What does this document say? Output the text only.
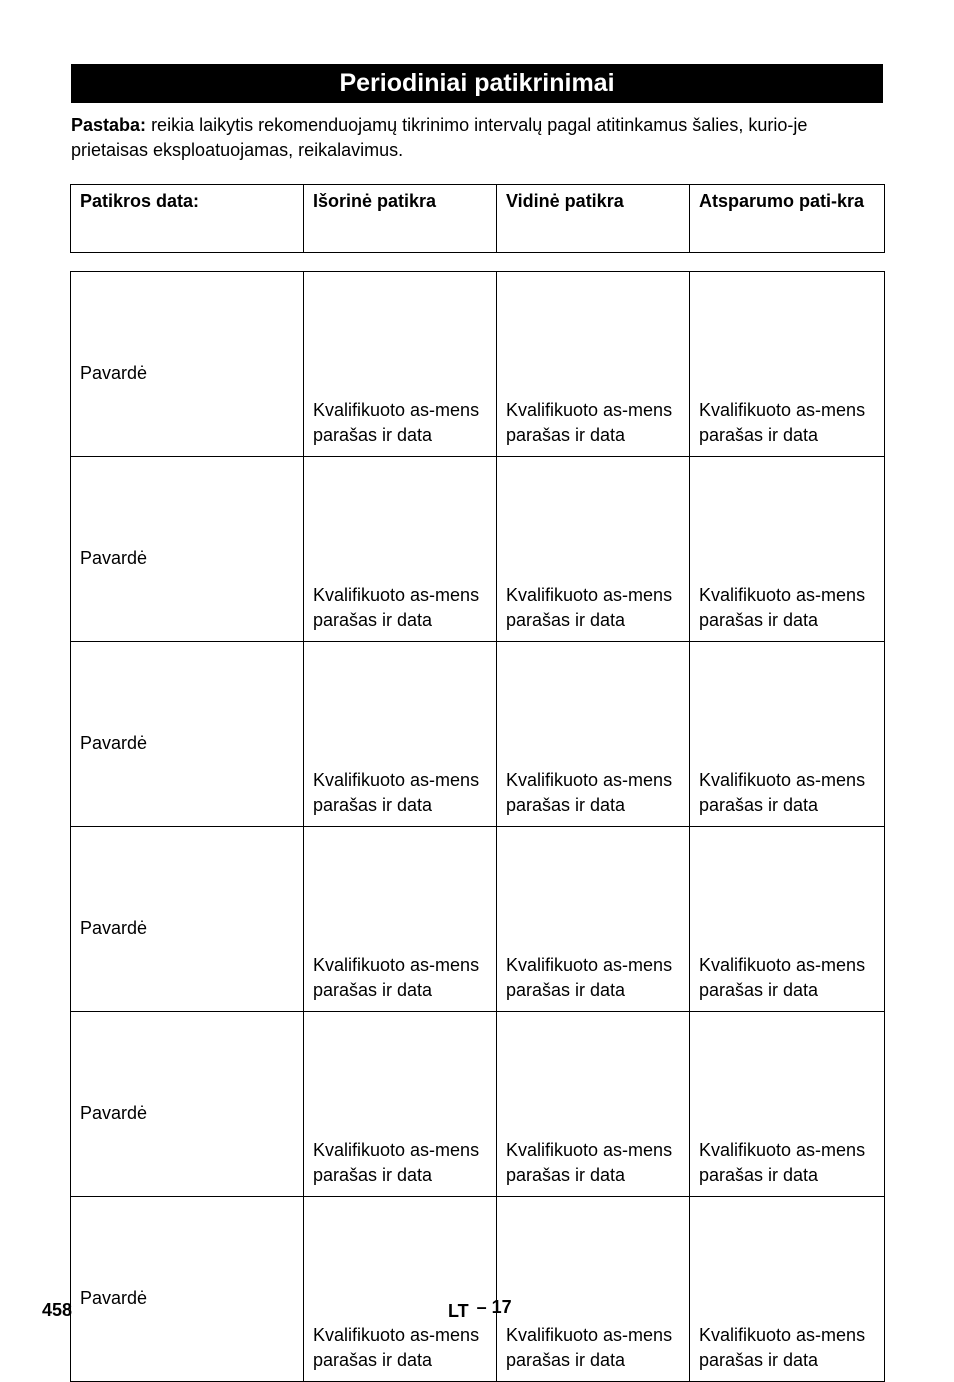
Periodiniai patikrinimai
Pastaba: reikia laikytis rekomenduojamų tikrinimo intervalų pagal atitinkamus šalies, kurio-je prietaisas eksploatuojamas, reikalavimus.
Patikros data:	Išorinė patikra	Vidinė patikra	Atsparumo pati-kra
Pavardė	Kvalifikuoto as-mens parašas ir data	Kvalifikuoto as-mens parašas ir data	Kvalifikuoto as-mens parašas ir data
Pavardė	Kvalifikuoto as-mens parašas ir data	Kvalifikuoto as-mens parašas ir data	Kvalifikuoto as-mens parašas ir data
Pavardė	Kvalifikuoto as-mens parašas ir data	Kvalifikuoto as-mens parašas ir data	Kvalifikuoto as-mens parašas ir data
Pavardė	Kvalifikuoto as-mens parašas ir data	Kvalifikuoto as-mens parašas ir data	Kvalifikuoto as-mens parašas ir data
Pavardė	Kvalifikuoto as-mens parašas ir data	Kvalifikuoto as-mens parašas ir data	Kvalifikuoto as-mens parašas ir data
Pavardė	Kvalifikuoto as-mens parašas ir data	Kvalifikuoto as-mens parašas ir data	Kvalifikuoto as-mens parašas ir data
458	LT – 17
